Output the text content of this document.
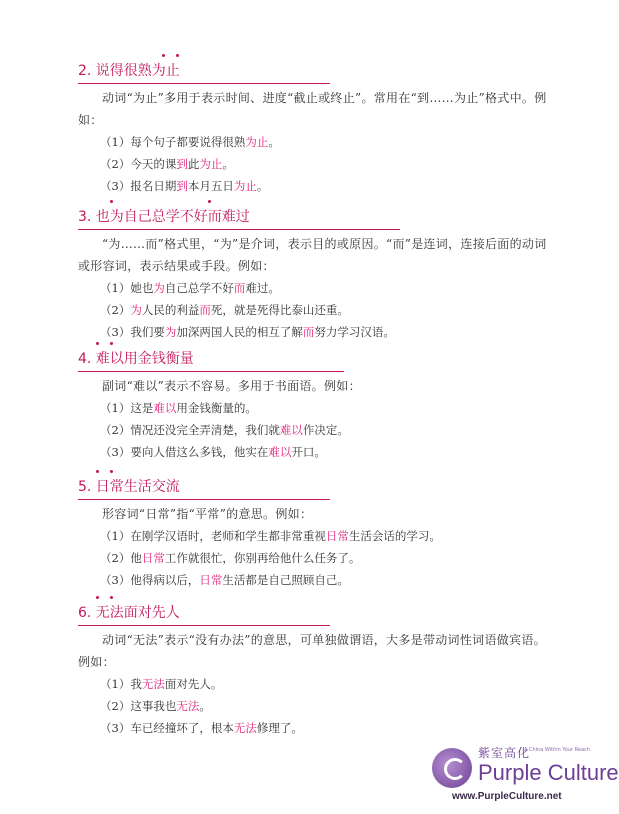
2. 说得很熟为止

动词“为止”多用于表示时间、进度“截止或终止”。常用在“到……为止”格式中。例如：

（1）每个句子都要说得很熟为止。
（2）今天的课到此为止。
（3）报名日期到本月五日为止。
3. 也为自己总学不好而难过

“为……而”格式里，“为”是介词，表示目的或原因。“而”是连词，连接后面的动词或形容词，表示结果或手段。例如：

（1）她也为自己总学不好而难过。
（2）为人民的利益而死，就是死得比泰山还重。
（3）我们要为加深两国人民的相互了解而努力学习汉语。
4. 难以用金钱衡量

副词“难以”表示不容易。多用于书面语。例如：

（1）这是难以用金钱衡量的。
（2）情况还没完全弄清楚，我们就难以作决定。
（3）要向人借这么多钱，他实在难以开口。
5. 日常生活交流

形容词“日常”指“平常”的意思。例如：

（1）在刚学汉语时，老师和学生都非常重视日常生活会话的学习。
（2）他日常工作就很忙，你别再给他什么任务了。
（3）他得病以后，日常生活都是自己照顾自己。
6. 无法面对先人

动词“无法”表示“没有办法”的意思，可单独做谓语，大多是带动词性词语做宾语。例如：

（1）我无法面对先人。
（2）这事我也无法。
（3）车已经撞坏了，根本无法修理了。
紫室高化
A China Within Your Reach
Purple Culture
www.PurpleCulture.net
